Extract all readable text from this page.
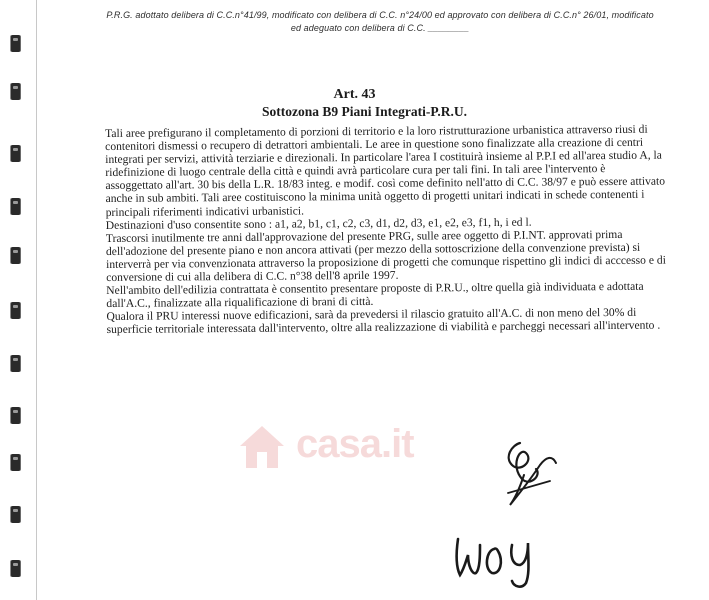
P.R.G. adottato delibera di C.C.n°41/99, modificato con delibera di C.C. n°24/00 ed approvato con delibera di C.C.n° 26/01, modificato
ed adeguato con delibera di C.C. ________
Art. 43
Sottozona B9 Piani Integrati-P.R.U.

Tali aree prefigurano il completamento di porzioni di territorio e la loro ristrutturazione urbanistica attraverso riusi di contenitori dismessi o recupero di detrattori ambientali. Le aree in questione sono finalizzate alla creazione di centri integrati per servizi, attività terziarie e direzionali. In particolare l'area I costituirà insieme al P.P.I ed all'area studio A, la ridefinizione di luogo centrale della città e quindi avrà particolare cura per tali fini. In tali aree l'intervento è assoggettato all'art. 30 bis della L.R. 18/83 integ. e modif. così come definito nell'atto di C.C. 38/97 e può essere attivato anche in sub ambiti. Tali aree costituiscono la minima unità oggetto di progetti unitari indicati in schede contenenti i principali riferimenti indicativi urbanistici.

Destinazioni d'uso consentite sono : a1, a2, b1, c1, c2, c3, d1, d2, d3, e1, e2, e3, f1, h, i ed l.

Trascorsi inutilmente tre anni dall'approvazione del presente PRG, sulle aree oggetto di P.I.NT. approvati prima dell'adozione del presente piano e non ancora attivati (per mezzo della sottoscrizione della convenzione prevista) si interverrà per via convenzionata attraverso la proposizione di progetti che comunque rispettino gli indici di acccesso e di conversione di cui alla delibera di C.C. n°38 dell'8 aprile 1997.

Nell'ambito dell'edilizia contrattata è consentito presentare proposte di P.R.U., oltre quella già individuata e adottata dall'A.C., finalizzate alla riqualificazione di brani di città.

Qualora il PRU interessi nuove edificazioni, sarà da prevedersi il rilascio gratuito all'A.C. di non meno del 30% di superficie territoriale interessata dall'intervento, oltre alla realizzazione di viabilità e parcheggi necessari all'intervento .

casa.it
